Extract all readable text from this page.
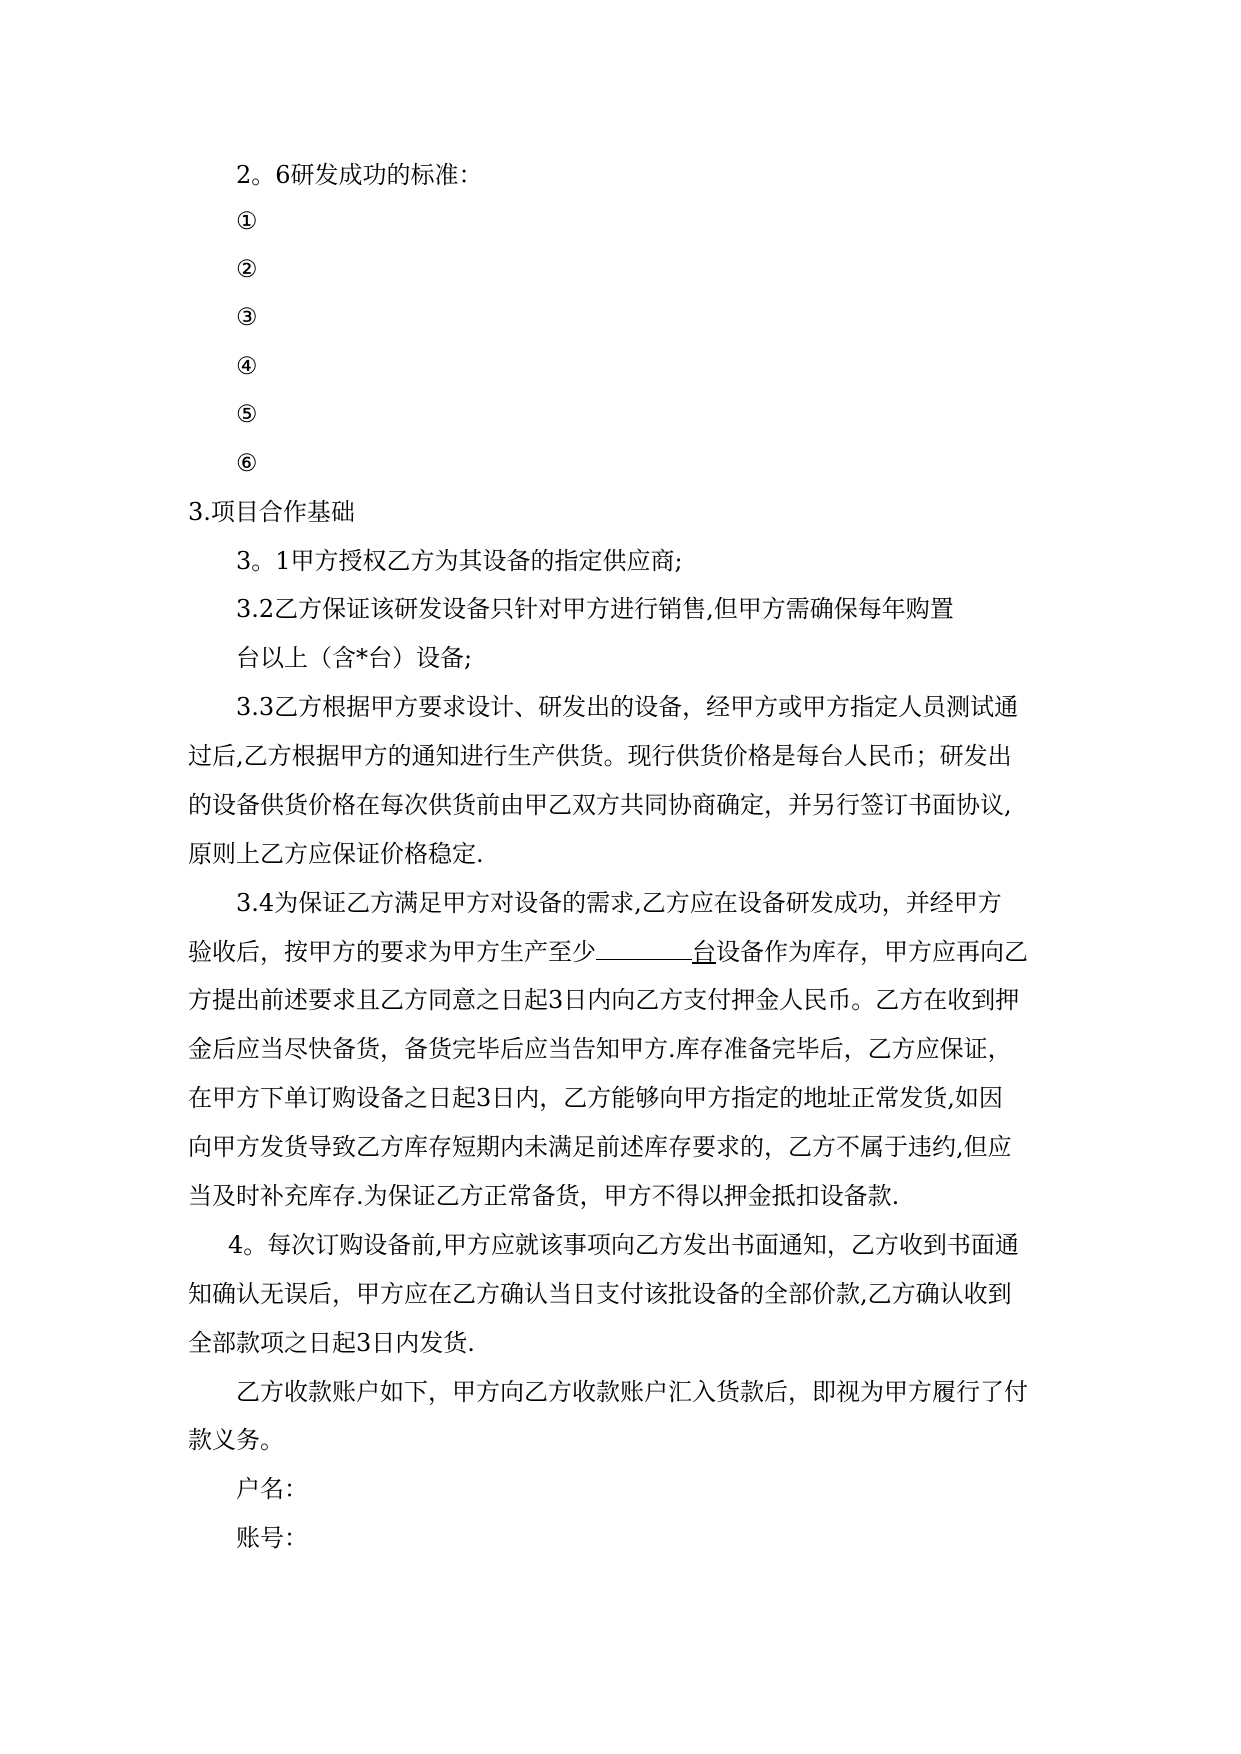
2。6研发成功的标准：

①

②

③

④

⑤

⑥

3.项目合作基础

3。1甲方授权乙方为其设备的指定供应商;

3.2乙方保证该研发设备只针对甲方进行销售,但甲方需确保每年购置

台以上（含*台）设备;

3.3乙方根据甲方要求设计、研发出的设备，经甲方或甲方指定人员测试通

过后,乙方根据甲方的通知进行生产供货。现行供货价格是每台人民币；研发出

的设备供货价格在每次供货前由甲乙双方共同协商确定，并另行签订书面协议,

原则上乙方应保证价格稳定.

3.4为保证乙方满足甲方对设备的需求,乙方应在设备研发成功，并经甲方

验收后，按甲方的要求为甲方生产至少	台设备作为库存，甲方应再向乙

方提出前述要求且乙方同意之日起3日内向乙方支付押金人民币。乙方在收到押

金后应当尽快备货，备货完毕后应当告知甲方.库存准备完毕后，乙方应保证，

在甲方下单订购设备之日起3日内，乙方能够向甲方指定的地址正常发货,如因

向甲方发货导致乙方库存短期内未满足前述库存要求的，乙方不属于违约,但应

当及时补充库存.为保证乙方正常备货，甲方不得以押金抵扣设备款.

4。每次订购设备前,甲方应就该事项向乙方发出书面通知，乙方收到书面通

知确认无误后，甲方应在乙方确认当日支付该批设备的全部价款,乙方确认收到

全部款项之日起3日内发货.

乙方收款账户如下，甲方向乙方收款账户汇入货款后，即视为甲方履行了付

款义务。

户名：

账号：
